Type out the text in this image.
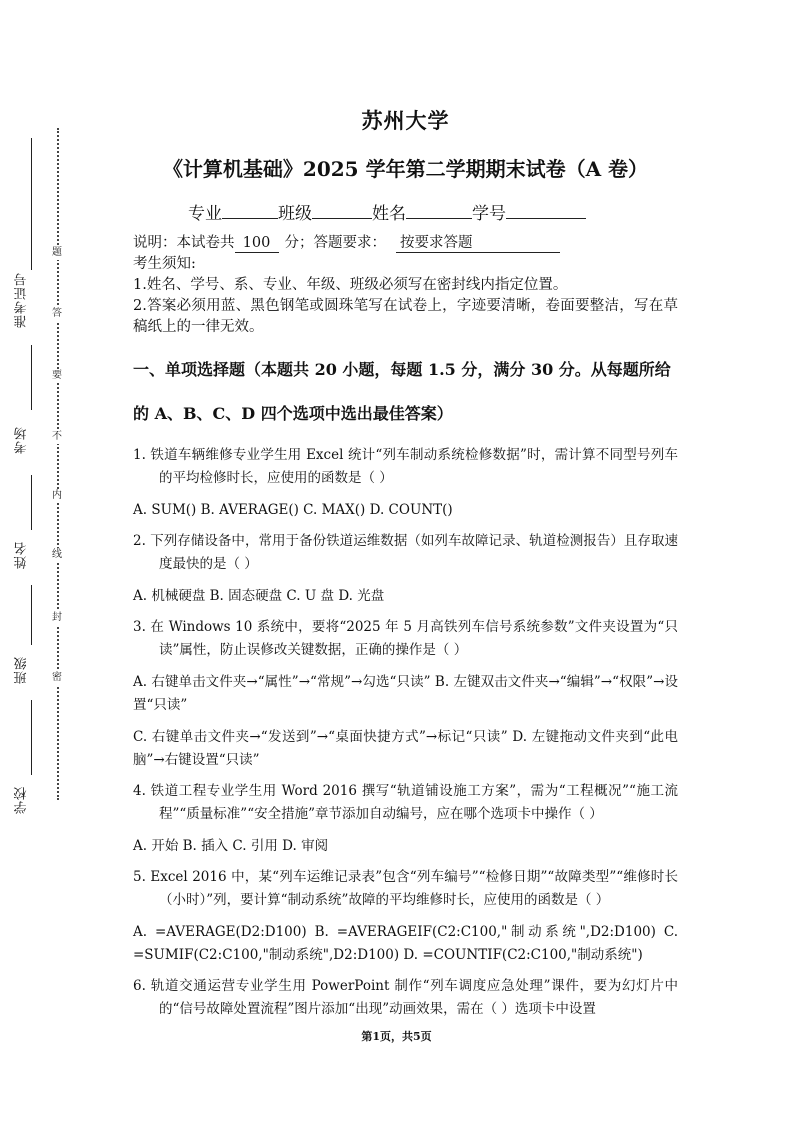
准考证号
考场
姓名
班级
学校
题
答
要
不
内
线
封
密
苏州大学
《计算机基础》2025 学年第二学期期末试卷（A 卷）
专业	班级	姓名	学号
说明：本试卷共 100 分；答题要求： 按要求答题
考生须知:
1.姓名、学号、系、专业、年级、班级必须写在密封线内指定位置。
2.答案必须用蓝、黑色钢笔或圆珠笔写在试卷上，字迹要清晰，卷面要整洁，写在草稿纸上的一律无效。
一、单项选择题（本题共 20 小题，每题 1.5 分，满分 30 分。从每题所给的 A、B、C、D 四个选项中选出最佳答案）
1. 铁道车辆维修专业学生用 Excel 统计“列车制动系统检修数据”时，需计算不同型号列车的平均检修时长，应使用的函数是（ ）
A. SUM() B. AVERAGE() C. MAX() D. COUNT()
2. 下列存储设备中，常用于备份铁道运维数据（如列车故障记录、轨道检测报告）且存取速度最快的是（ ）
A. 机械硬盘 B. 固态硬盘 C. U 盘 D. 光盘
3. 在 Windows 10 系统中，要将“2025 年 5 月高铁列车信号系统参数”文件夹设置为“只读”属性，防止误修改关键数据，正确的操作是（ ）
A. 右键单击文件夹→“属性”→“常规”→勾选“只读” B. 左键双击文件夹→“编辑”→“权限”→设置“只读”
C. 右键单击文件夹→“发送到”→“桌面快捷方式”→标记“只读” D. 左键拖动文件夹到“此电脑”→右键设置“只读”
4. 铁道工程专业学生用 Word 2016 撰写“轨道铺设施工方案”，需为“工程概况”“施工流程”“质量标准”“安全措施”章节添加自动编号，应在哪个选项卡中操作（ ）
A. 开始 B. 插入 C. 引用 D. 审阅
5. Excel 2016 中，某“列车运维记录表”包含“列车编号”“检修日期”“故障类型”“维修时长（小时）”列，要计算“制动系统”故障的平均维修时长，应使用的函数是（ ）
A. =AVERAGE(D2:D100) B. =AVERAGEIF(C2:C100,"制动系统",D2:D100) C. =SUMIF(C2:C100,"制动系统",D2:D100) D. =COUNTIF(C2:C100,"制动系统")
6. 轨道交通运营专业学生用 PowerPoint 制作“列车调度应急处理”课件，要为幻灯片中的“信号故障处置流程”图片添加“出现”动画效果，需在（ ）选项卡中设置
第1页，共5页
